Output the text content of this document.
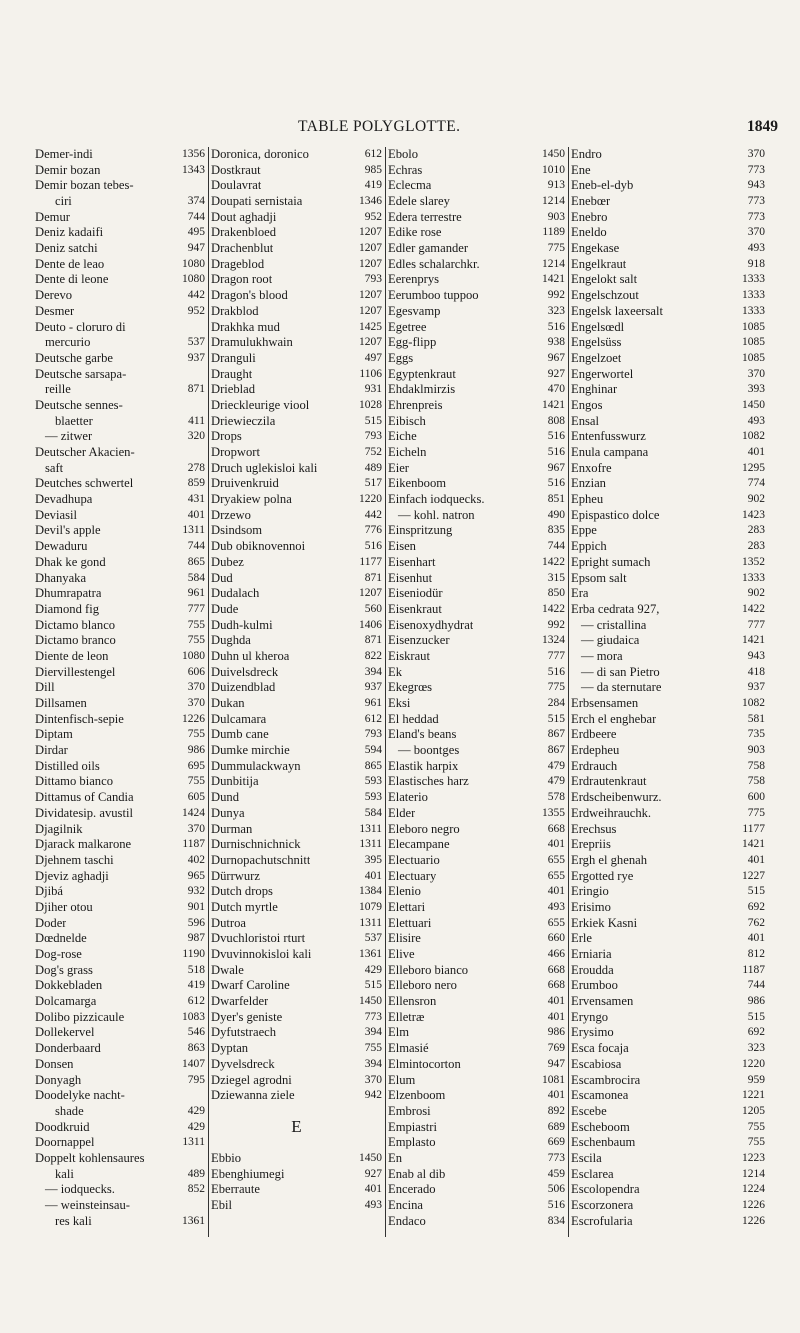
TABLE POLYGLOTTE.	1849
Demer-indi	1356
Demir bozan	1343
Demir bozan tebes-
ciri	374
Demur	744
Deniz kadaifi	495
Deniz satchi	947
Dente de leao	1080
Dente di leone	1080
Derevo	442
Desmer	952
Deuto - cloruro di
mercurio	537
Deutsche garbe	937
Deutsche sarsapa-
reille	871
Deutsche sennes-
blaetter	411
— zitwer	320
Deutscher Akacien-
saft	278
Deutches schwertel	859
Devadhupa	431
Deviasil	401
Devil's apple	1311
Dewaduru	744
Dhak ke gond	865
Dhanyaka	584
Dhumrapatra	961
Diamond fig	777
Dictamo blanco	755
Dictamo branco	755
Diente de leon	1080
Diervillestengel	606
Dill	370
Dillsamen	370
Dintenfisch-sepie	1226
Diptam	755
Dirdar	986
Distilled oils	695
Dittamo bianco	755
Dittamus of Candia	605
Dividatesip. avustil	1424
Djagilnik	370
Djarack malkarone	1187
Djehnem taschi	402
Djeviz aghadji	965
Djibá	932
Djiher otou	901
Doder	596
Dœdnelde	987
Dog-rose	1190
Dog's grass	518
Dokkebladen	419
Dolcamarga	612
Dolibo pizzicaule	1083
Dollekervel	546
Donderbaard	863
Donsen	1407
Donyagh	795
Doodelyke nacht-
shade	429
Doodkruid	429
Doornappel	1311
Doppelt kohlensaures
kali	489
— iodquecks.	852
— weinsteinsau-
res kali	1361
Doronica, doronico	612
Dostkraut	985
Doulavrat	419
Doupati sernistaia	1346
Dout aghadji	952
Drakenbloed	1207
Drachenblut	1207
Drageblod	1207
Dragon root	793
Dragon's blood	1207
Drakblod	1207
Drakhka mud	1425
Dramulukhwain	1207
Dranguli	497
Draught	1106
Drieblad	931
Drieckleurige viool	1028
Driewieczila	515
Drops	793
Dropwort	752
Druch uglekisloi kali	489
Druivenkruid	517
Dryakiew polna	1220
Drzewo	442
Dsindsom	776
Dub obiknovennoi	516
Dubez	1177
Dud	871
Dudalach	1207
Dude	560
Dudh-kulmi	1406
Dughda	871
Duhn ul kheroa	822
Duivelsdreck	394
Duizendblad	937
Dukan	961
Dulcamara	612
Dumb cane	793
Dumke mirchie	594
Dummulackwayn	865
Dunbitija	593
Dund	593
Dunya	584
Durman	1311
Durnischnichnick	1311
Durnopachutschnitt	395
Dürrwurz	401
Dutch drops	1384
Dutch myrtle	1079
Dutroa	1311
Dvuchloristoi rturt	537
Dvuvinnokisloi kali	1361
Dwale	429
Dwarf Caroline	515
Dwarfelder	1450
Dyer's geniste	773
Dyfutstraech	394
Dyptan	755
Dyvelsdreck	394
Dziegel agrodni	370
Dziewanna ziele	942
E
Ebbio	1450
Ebenghiumegi	927
Eberraute	401
Ebil	493
Ebolo	1450
Echras	1010
Eclecma	913
Edele slarey	1214
Edera terrestre	903
Edike rose	1189
Edler gamander	775
Edles schalarchkr.	1214
Eerenprys	1421
Eerumboo tuppoo	992
Egesvamp	323
Egetree	516
Egg-flipp	938
Eggs	967
Egyptenkraut	927
Ehdaklmirzis	470
Ehrenpreis	1421
Eibisch	808
Eiche	516
Eicheln	516
Eier	967
Eikenboom	516
Einfach iodquecks.	851
— kohl. natron	490
Einspritzung	835
Eisen	744
Eisenhart	1422
Eisenhut	315
Eiseniodür	850
Eisenkraut	1422
Eisenoxydhydrat	992
Eisenzucker	1324
Eiskraut	777
Ek	516
Ekegrœs	775
Eksi	284
El heddad	515
Eland's beans	867
— boontges	867
Elastik harpix	479
Elastisches harz	479
Elaterio	578
Elder	1355
Eleboro negro	668
Elecampane	401
Electuario	655
Electuary	655
Elenio	401
Elettari	493
Elettuari	655
Elisire	660
Elive	466
Elleboro bianco	668
Elleboro nero	668
Ellensron	401
Elletræ	401
Elm	986
Elmasié	769
Elmintocorton	947
Elum	1081
Elzenboom	401
Embrosi	892
Empiastri	689
Emplasto	669
En	773
Enab al dib	459
Encerado	506
Encina	516
Endaco	834
Endro	370
Ene	773
Eneb-el-dyb	943
Enebœr	773
Enebro	773
Eneldo	370
Engekase	493
Engelkraut	918
Engelokt salt	1333
Engelschzout	1333
Engelsk laxeersalt	1333
Engelsœdl	1085
Engelsüss	1085
Engelzoet	1085
Engerwortel	370
Enghinar	393
Engos	1450
Ensal	493
Entenfusswurz	1082
Enula campana	401
Enxofre	1295
Enzian	774
Epheu	902
Epispastico dolce	1423
Eppe	283
Eppich	283
Epright sumach	1352
Epsom salt	1333
Era	902
Erba cedrata 927,	1422
— cristallina	777
— giudaica	1421
— mora	943
— di san Pietro	418
— da sternutare	937
Erbsensamen	1082
Erch el enghebar	581
Erdbeere	735
Erdepheu	903
Erdrauch	758
Erdrautenkraut	758
Erdscheibenwurz.	600
Erdweihrauchk.	775
Erechsus	1177
Erepriis	1421
Ergh el ghenah	401
Ergotted rye	1227
Eringio	515
Erisimo	692
Erkiek Kasni	762
Erle	401
Erniaria	812
Eroudda	1187
Erumboo	744
Ervensamen	986
Eryngo	515
Erysimo	692
Esca focaja	323
Escabiosa	1220
Escambrocira	959
Escamonea	1221
Escebe	1205
Escheboom	755
Eschenbaum	755
Escila	1223
Esclarea	1214
Escolopendra	1224
Escorzonera	1226
Escrofularia	1226
